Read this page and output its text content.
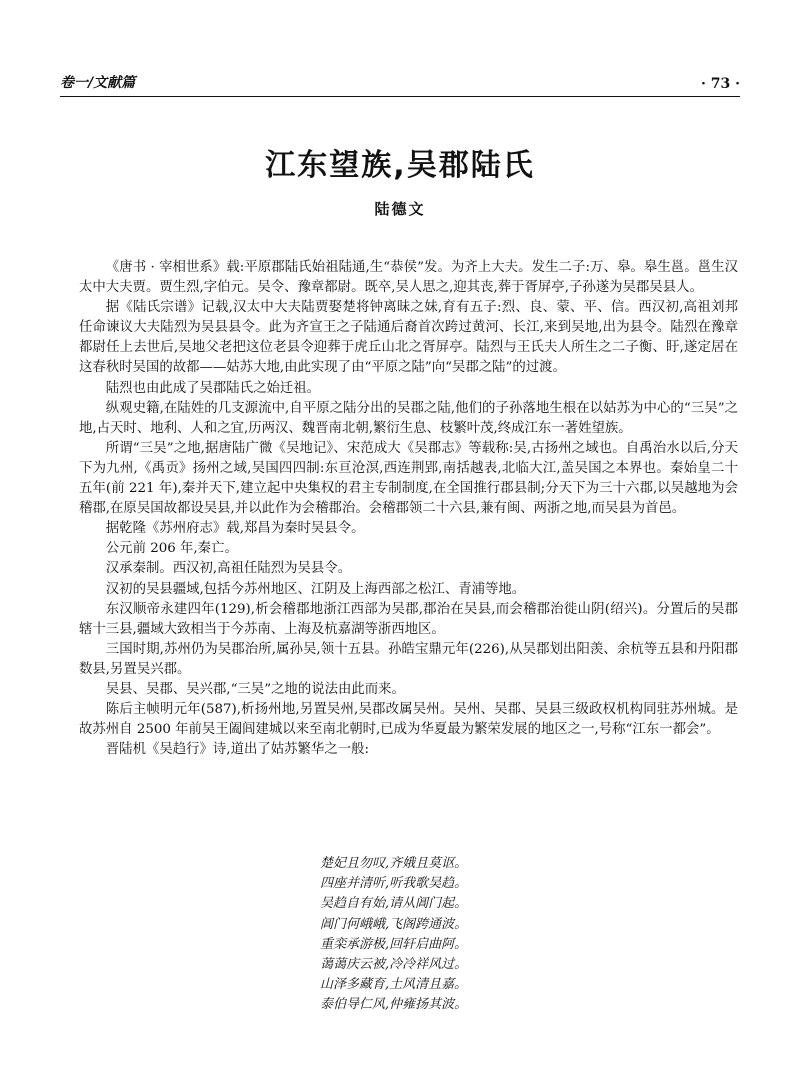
卷一/文献篇	· 73 ·
江东望族,吴郡陆氏
陆德文

《唐书 · 宰相世系》载:平原郡陆氏始祖陆通,生“恭侯”发。为齐上大夫。发生二子:万、皋。皋生邕。邕生汉太中大夫贾。贾生烈,字伯元。吴令、豫章都尉。既卒,吴人思之,迎其丧,葬于胥屏亭,子孙遂为吴郡吴县人。

据《陆氏宗谱》记载,汉太中大夫陆贾娶楚将钟离昧之妹,育有五子:烈、良、蒙、平、信。西汉初,高祖刘邦任命谏议大夫陆烈为吴县县令。此为齐宣王之子陆通后裔首次跨过黄河、长江,来到吴地,出为县令。陆烈在豫章都尉任上去世后,吴地父老把这位老县令迎葬于虎丘山北之胥屏亭。陆烈与王氏夫人所生之二子衡、盱,遂定居在这春秋时吴国的故都——姑苏大地,由此实现了由“平原之陆”向“吴郡之陆”的过渡。

陆烈也由此成了吴郡陆氏之始迁祖。

纵观史籍,在陆姓的几支源流中,自平原之陆分出的吴郡之陆,他们的子孙落地生根在以姑苏为中心的“三吴”之地,占天时、地利、人和之宜,历两汉、魏晋南北朝,繁衍生息、枝繁叶茂,终成江东一著姓望族。

所谓“三吴”之地,据唐陆广微《吴地记》、宋范成大《吴郡志》等载称:吴,古扬州之域也。自禹治水以后,分天下为九州,《禹贡》扬州之域,吴国四四制:东亘沧溟,西连荆郢,南括越表,北临大江,盖吴国之本界也。秦始皇二十五年(前 221 年),秦并天下,建立起中央集权的君主专制制度,在全国推行郡县制;分天下为三十六郡,以吴越地为会稽郡,在原吴国故都设吴县,并以此作为会稽郡治。会稽郡领二十六县,兼有闽、两浙之地,而吴县为首邑。

据乾隆《苏州府志》载,郑昌为秦时吴县令。

公元前 206 年,秦亡。

汉承秦制。西汉初,高祖任陆烈为吴县令。

汉初的吴县疆域,包括今苏州地区、江阴及上海西部之松江、青浦等地。

东汉顺帝永建四年(129),析会稽郡地浙江西部为吴郡,郡治在吴县,而会稽郡治徙山阴(绍兴)。分置后的吴郡辖十三县,疆域大致相当于今苏南、上海及杭嘉湖等浙西地区。

三国时期,苏州仍为吴郡治所,属孙吴,领十五县。孙皓宝鼎元年(226),从吴郡划出阳羡、余杭等五县和丹阳郡数县,另置吴兴郡。

吴县、吴郡、吴兴郡,“三吴”之地的说法由此而来。

陈后主帧明元年(587),析扬州地,另置吴州,吴郡改属吴州。吴州、吴郡、吴县三级政权机构同驻苏州城。是故苏州自 2500 年前吴王阖闾建城以来至南北朝时,已成为华夏最为繁荣发展的地区之一,号称“江东一都会”。

晋陆机《吴趋行》诗,道出了姑苏繁华之一般:

楚妃且勿叹,齐娥且莫讴。
四座并清听,听我歌吴趋。
吴趋自有始,请从阊门起。
阊门何峨峨,飞阁跨通波。
重栾承游极,回轩启曲阿。
蔼蔼庆云被,冷冷祥风过。
山泽多藏育,土风清且嘉。
泰伯导仁风,仲雍扬其波。
